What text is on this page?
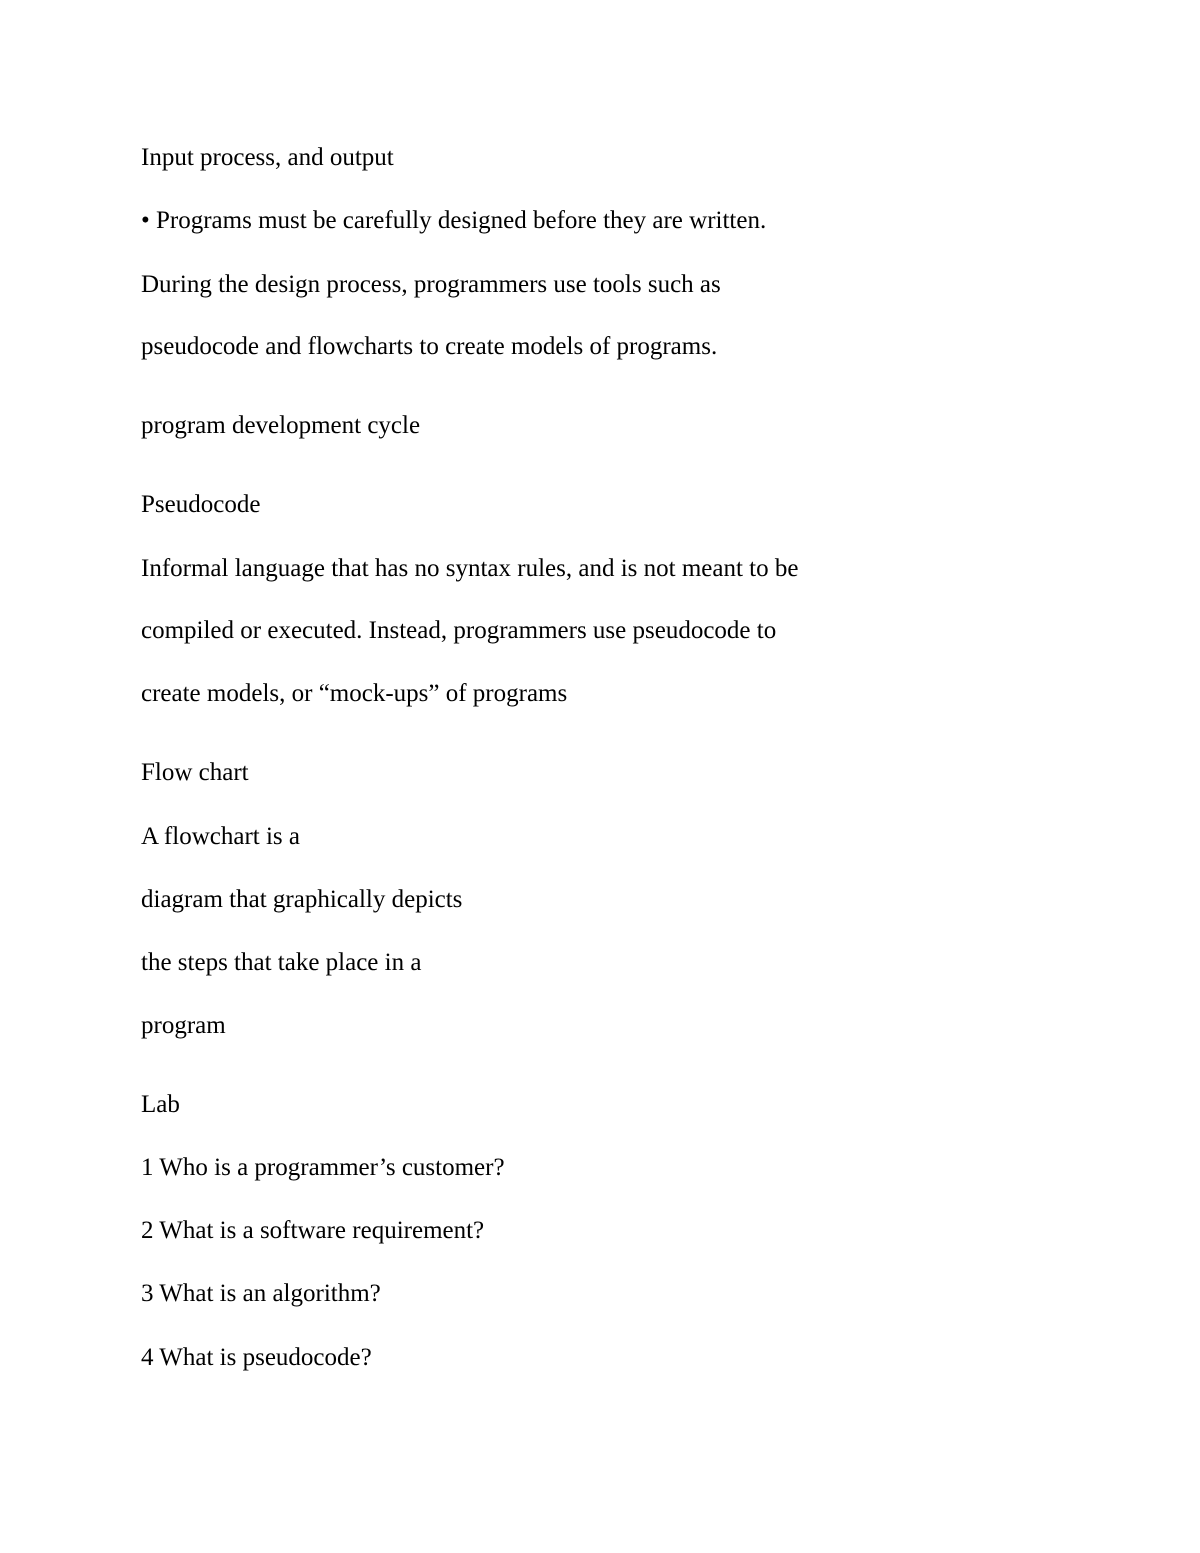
Input process, and output

• Programs must be carefully designed before they are written.

During the design process, programmers use tools such as

pseudocode and flowcharts to create models of programs.

program development cycle

Pseudocode

Informal language that has no syntax rules, and is not meant to be

compiled or executed. Instead, programmers use pseudocode to

create models, or “mock-ups” of programs

Flow chart

A flowchart is a

diagram that graphically depicts

the steps that take place in a

program

Lab

1 Who is a programmer’s customer?

2 What is a software requirement?

3 What is an algorithm?

4 What is pseudocode?
